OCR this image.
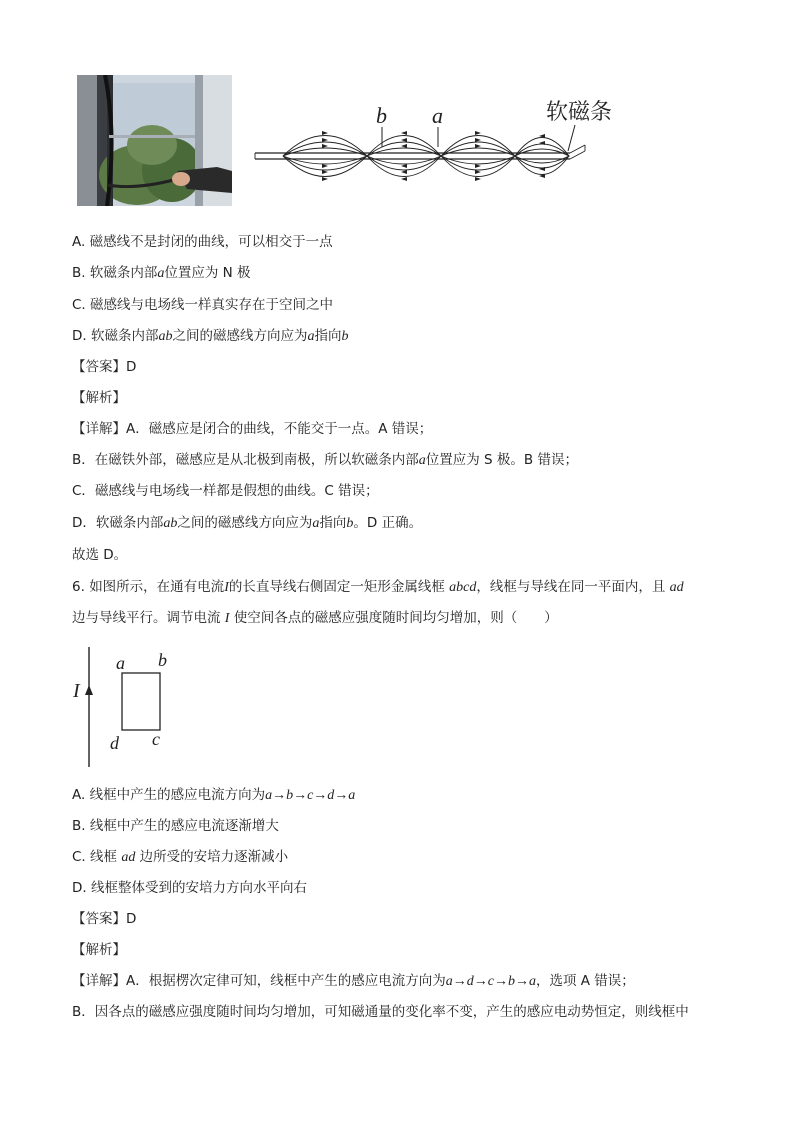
b a	软磁条
A. 磁感线不是封闭的曲线，可以相交于一点
B. 软磁条内部a位置应为 N 极
C. 磁感线与电场线一样真实存在于空间之中
D. 软磁条内部ab之间的磁感线方向应为a指向b
【答案】D
【解析】
【详解】A．磁感应是闭合的曲线，不能交于一点。A 错误；
B．在磁铁外部，磁感应是从北极到南极，所以软磁条内部a位置应为 S 极。B 错误；
C．磁感线与电场线一样都是假想的曲线。C 错误；
D．软磁条内部ab之间的磁感线方向应为a指向b。D 正确。
故选 D。
6. 如图所示，在通有电流I的长直导线右侧固定一矩形金属线框 abcd，线框与导线在同一平面内，且 ad
边与导线平行。调节电流 I 使空间各点的磁感应强度随时间均匀增加，则（　　）
I
a b
d c
A. 线框中产生的感应电流方向为a→b→c→d→a
B. 线框中产生的感应电流逐渐增大
C. 线框 ad 边所受的安培力逐渐减小
D. 线框整体受到的安培力方向水平向右
【答案】D
【解析】
【详解】A．根据楞次定律可知，线框中产生的感应电流方向为a→d→c→b→a，选项 A 错误；
B．因各点的磁感应强度随时间均匀增加，可知磁通量的变化率不变，产生的感应电动势恒定，则线框中
